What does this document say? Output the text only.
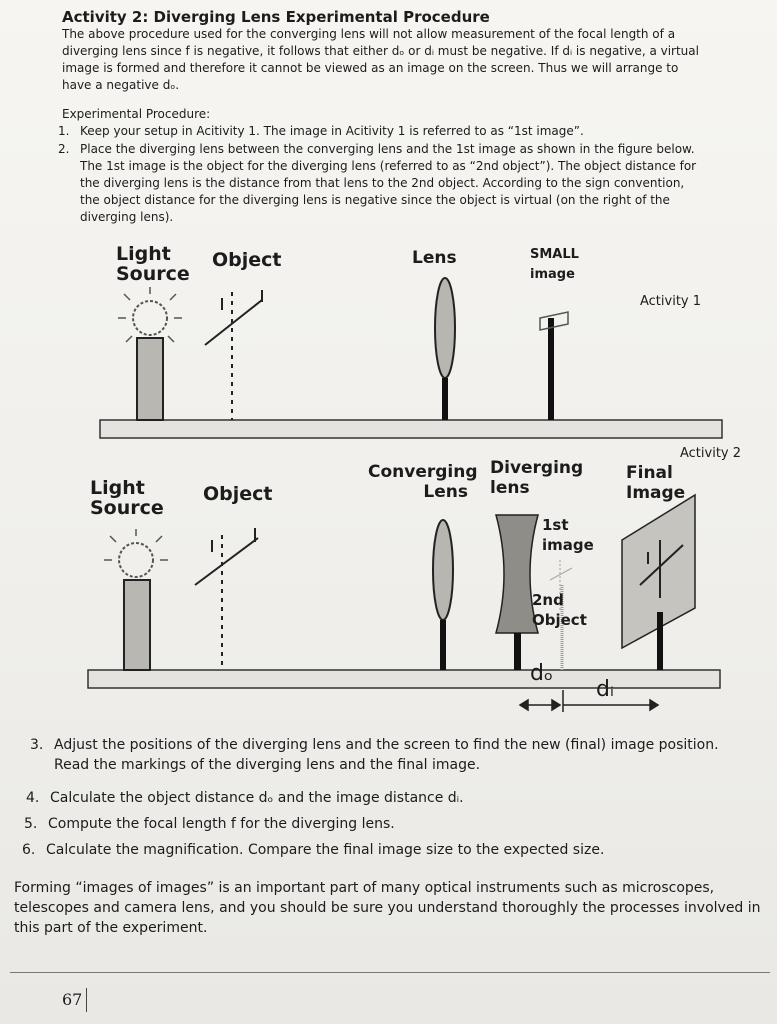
Activity 2: Diverging Lens Experimental Procedure
The above procedure used for the converging lens will not allow measurement of the focal length of a diverging lens since f is negative, it follows that either dₒ or dᵢ must be negative. If dᵢ is negative, a virtual image is formed and therefore it cannot be viewed as an image on the screen. Thus we will arrange to have a negative dₒ.
Experimental Procedure:
1. Keep your setup in Acitivity 1. The image in Acitivity 1 is referred to as “1st image”.
2. Place the diverging lens between the converging lens and the 1st image as shown in the figure below. The 1st image is the object for the diverging lens (referred to as “2nd object”). The object distance for the diverging lens is the distance from that lens to the 2nd object. According to the sign convention, the object distance for the diverging lens is negative since the object is virtual (on the right of the diverging lens).
Light Source
Object	Lens	SMALL image
Activity 1
Activity 2
Light Source
Object
Converging Lens
Diverging lens
Final Image
1st image
2nd Object
dₒ
dᵢ
3. Adjust the positions of the diverging lens and the screen to find the new (final) image position. Read the markings of the diverging lens and the final image.
4. Calculate the object distance dₒ and the image distance dᵢ.
5. Compute the focal length f for the diverging lens.
6. Calculate the magnification. Compare the final image size to the expected size.
Forming “images of images” is an important part of many optical instruments such as microscopes, telescopes and camera lens, and you should be sure you understand thoroughly the processes involved in this part of the experiment.
67
